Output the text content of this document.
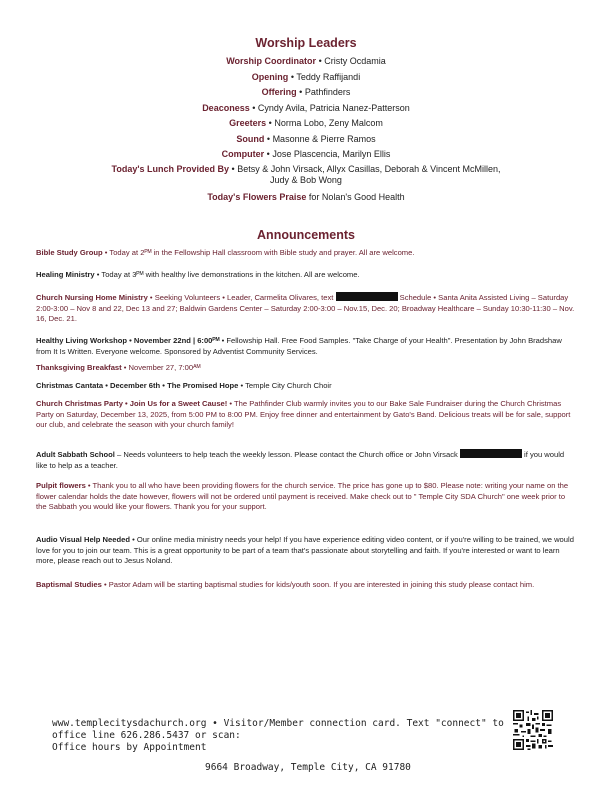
Worship Leaders
Worship Coordinator • Cristy Ocdamia
Opening • Teddy Raffijandi
Offering • Pathfinders
Deaconess • Cyndy Avila, Patricia Nanez-Patterson
Greeters • Norma Lobo, Zeny Malcom
Sound • Masonne & Pierre Ramos
Computer • Jose Plascencia, Marilyn Ellis
Today's Lunch Provided By • Betsy & John Virsack, Allyx Casillas, Deborah & Vincent McMillen,
Judy & Bob Wong
Today's Flowers Praise for Nolan's Good Health
Announcements
Bible Study Group • Today at 2ᴾᴹ in the Fellowship Hall classroom with Bible study and prayer. All are welcome.
Healing Ministry • Today at 3ᴾᴹ with healthy live demonstrations in the kitchen. All are welcome.
Church Nursing Home Ministry • Seeking Volunteers • Leader, Carmelita Olivares, text	Schedule • Santa Anita Assisted Living – Saturday 2:00-3:00 – Nov 8 and 22, Dec 13 and 27; Baldwin Gardens Center – Saturday 2:00-3:00 – Nov.15, Dec. 20; Broadway Healthcare – Sunday 10:30-11:30 – Nov. 16, Dec. 21.
Healthy Living Workshop • November 22nd | 6:00ᴾᴹ • Fellowship Hall. Free Food Samples. "Take Charge of your Health". Presentation by John Bradshaw from It Is Written. Everyone welcome. Sponsored by Adventist Community Services.
Thanksgiving Breakfast • November 27, 7:00ᴬᴹ
Christmas Cantata • December 6th • The Promised Hope • Temple City Church Choir
Church Christmas Party • Join Us for a Sweet Cause! • The Pathfinder Club warmly invites you to our Bake Sale Fundraiser during the Church Christmas Party on Saturday, December 13, 2025, from 5:00 PM to 8:00 PM. Enjoy free dinner and entertainment by Gato's Band. Delicious treats will be for sale, support our club, and celebrate the season with your church family!
Adult Sabbath School – Needs volunteers to help teach the weekly lesson. Please contact the Church office or John Virsack	if you would like to help as a teacher.
Pulpit flowers • Thank you to all who have been providing flowers for the church service. The price has gone up to $80. Please note: writing your name on the flower calendar holds the date however, flowers will not be ordered until payment is received. Make check out to " Temple City SDA Church" one week prior to the Sabbath you would like your flowers. Thank you for your support.
Audio Visual Help Needed • Our online media ministry needs your help! If you have experience editing video content, or if you're willing to be trained, we would love for you to join our team. This is a great opportunity to be part of a team that's passionate about storytelling and faith. If you're interested or want to learn more, please reach out to Jesus Noland.
Baptismal Studies • Pastor Adam will be starting baptismal studies for kids/youth soon. If you are interested in joining this study please contact him.
www.templecitysdachurch.org • Visitor/Member connection card. Text "connect" to
office line 626.286.5437 or scan:
Office hours by Appointment
9664 Broadway, Temple City, CA 91780
